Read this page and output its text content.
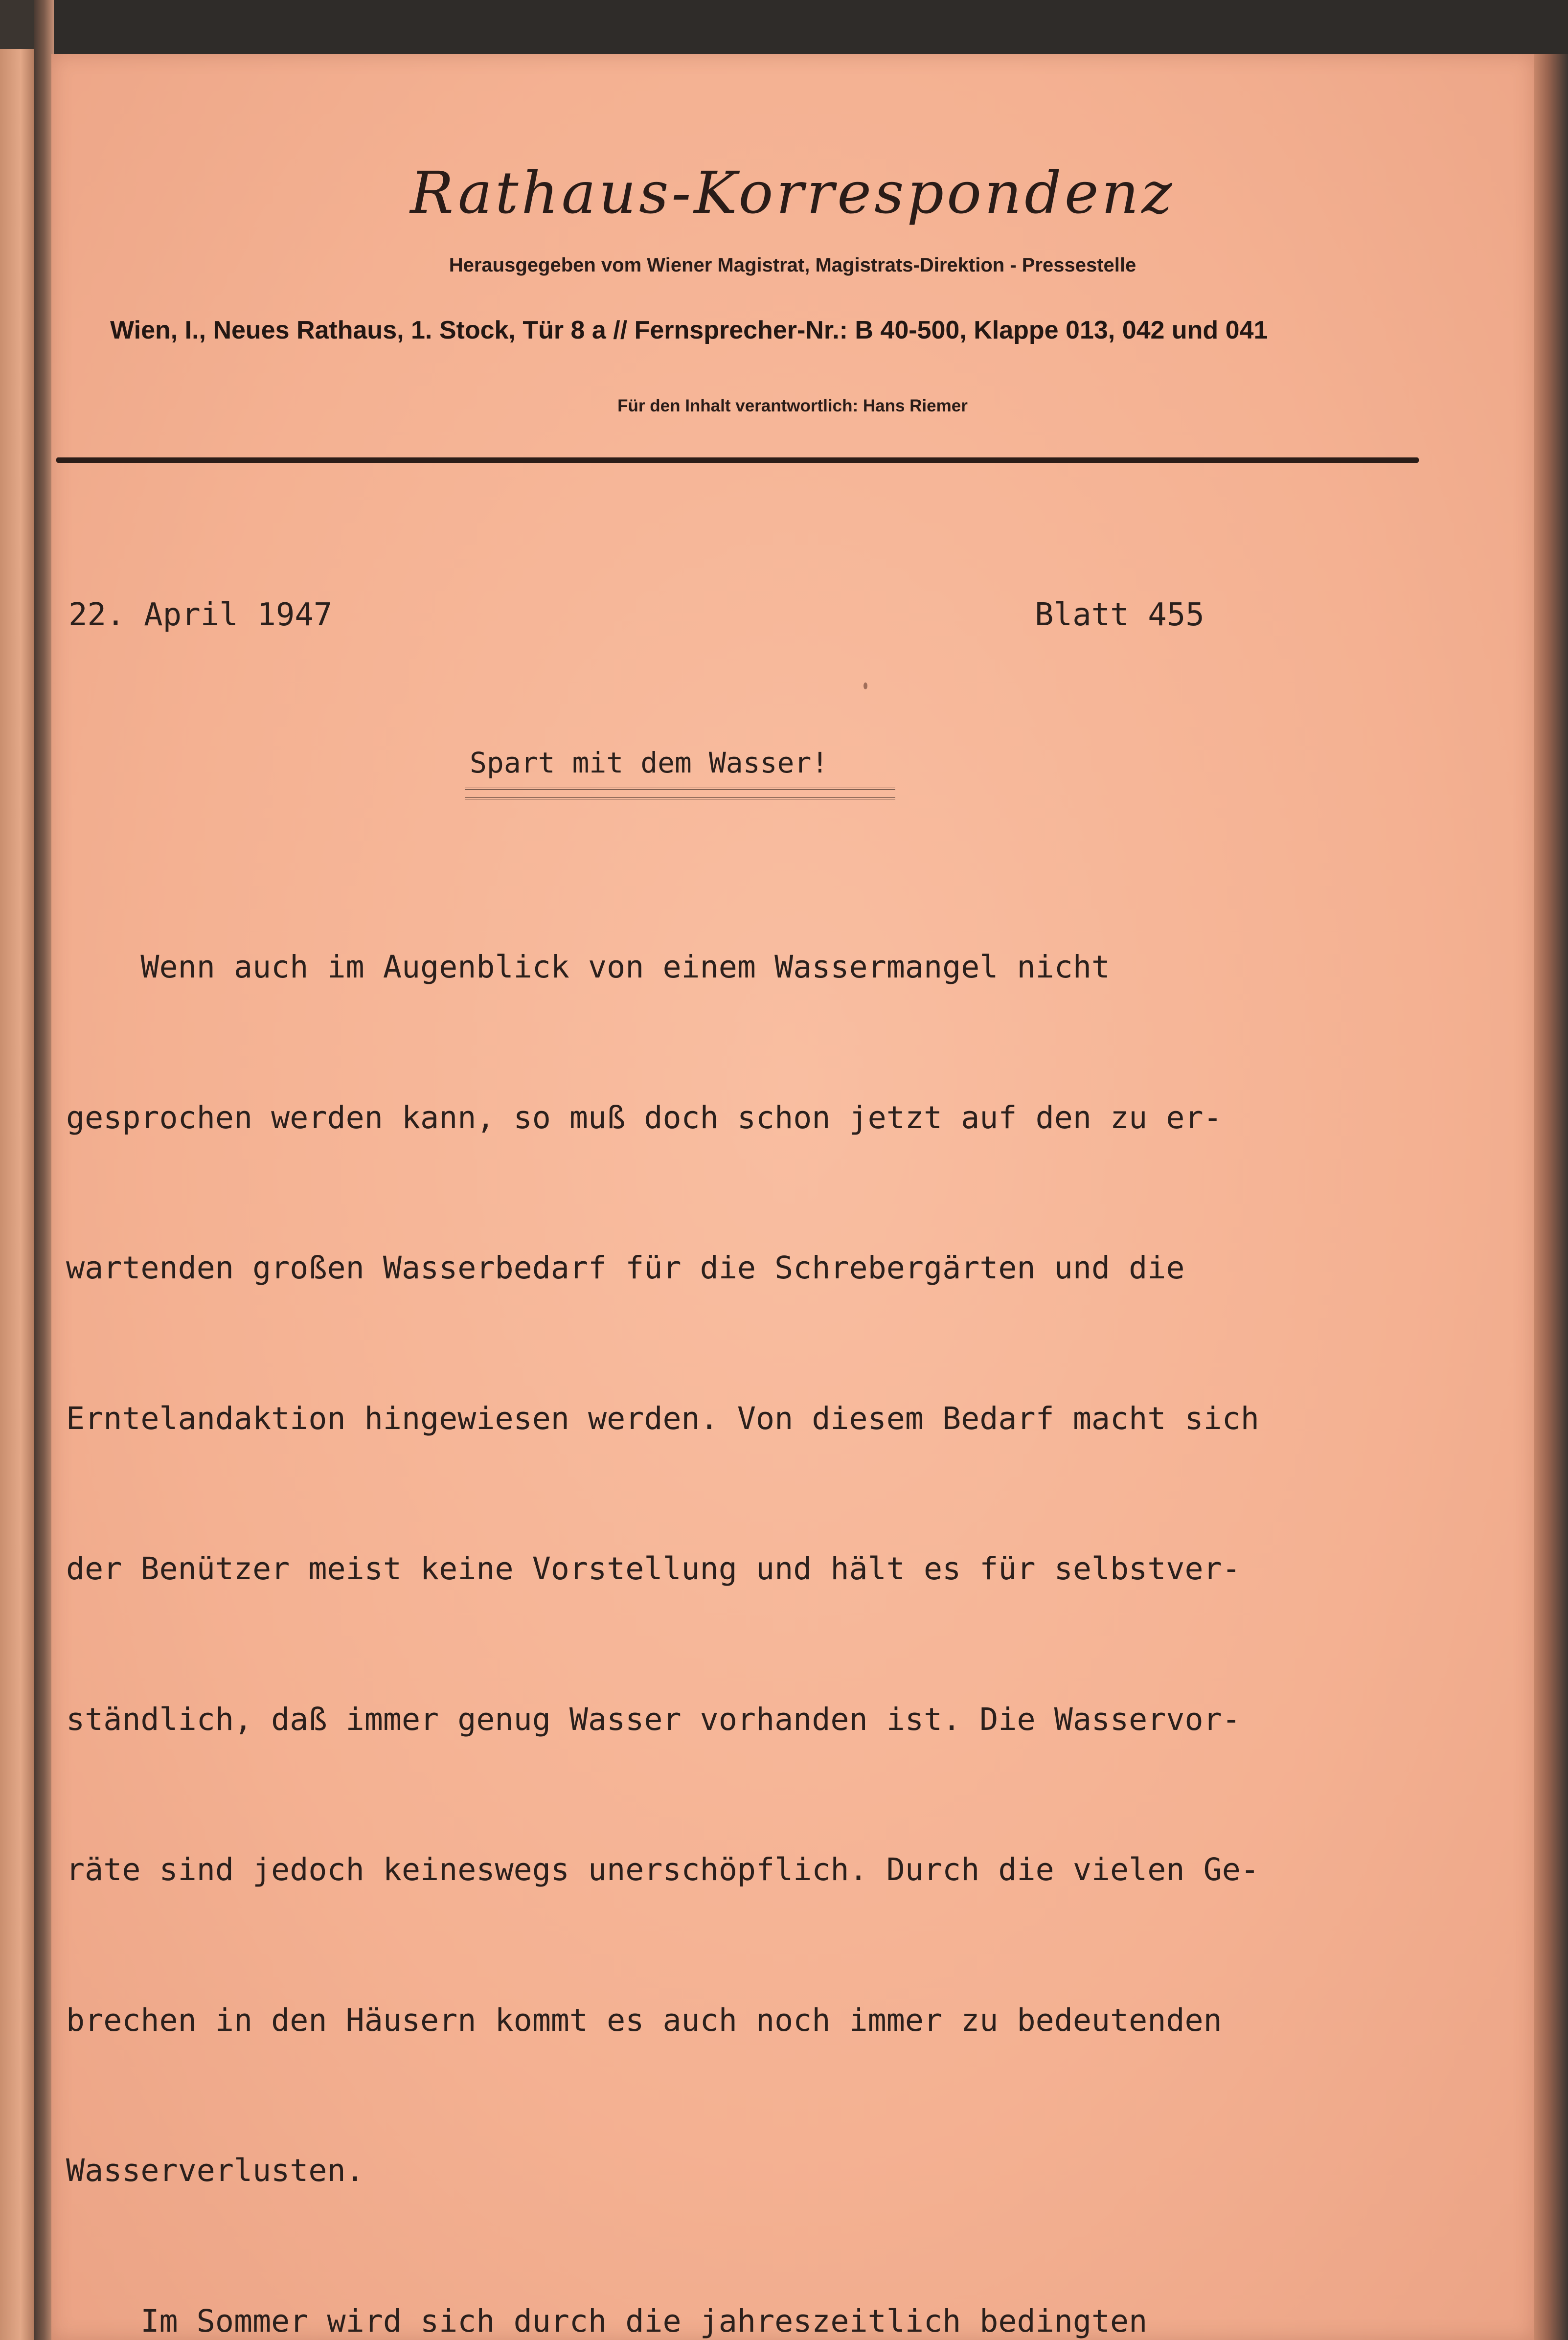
Rathaus-Korrespondenz
Herausgegeben vom Wiener Magistrat, Magistrats-Direktion - Pressestelle
Wien, I., Neues Rathaus, 1. Stock, Tür 8 a // Fernsprecher-Nr.: B 40-500, Klappe 013, 042 und 041
Für den Inhalt verantwortlich: Hans Riemer
22. April 1947	Blatt 455
Spart mit dem Wasser!

Wenn auch im Augenblick von einem Wassermangel nicht

gesprochen werden kann, so muß doch schon jetzt auf den zu er-

wartenden großen Wasserbedarf für die Schrebergärten und die

Erntelandaktion hingewiesen werden. Von diesem Bedarf macht sich

der Benützer meist keine Vorstellung und hält es für selbstver-

ständlich, daß immer genug Wasser vorhanden ist. Die Wasservor-

räte sind jedoch keineswegs unerschöpflich. Durch die vielen Ge-

brechen in den Häusern kommt es auch noch immer zu bedeutenden

Wasserverlusten.

Im Sommer wird sich durch die jahreszeitlich bedingten
